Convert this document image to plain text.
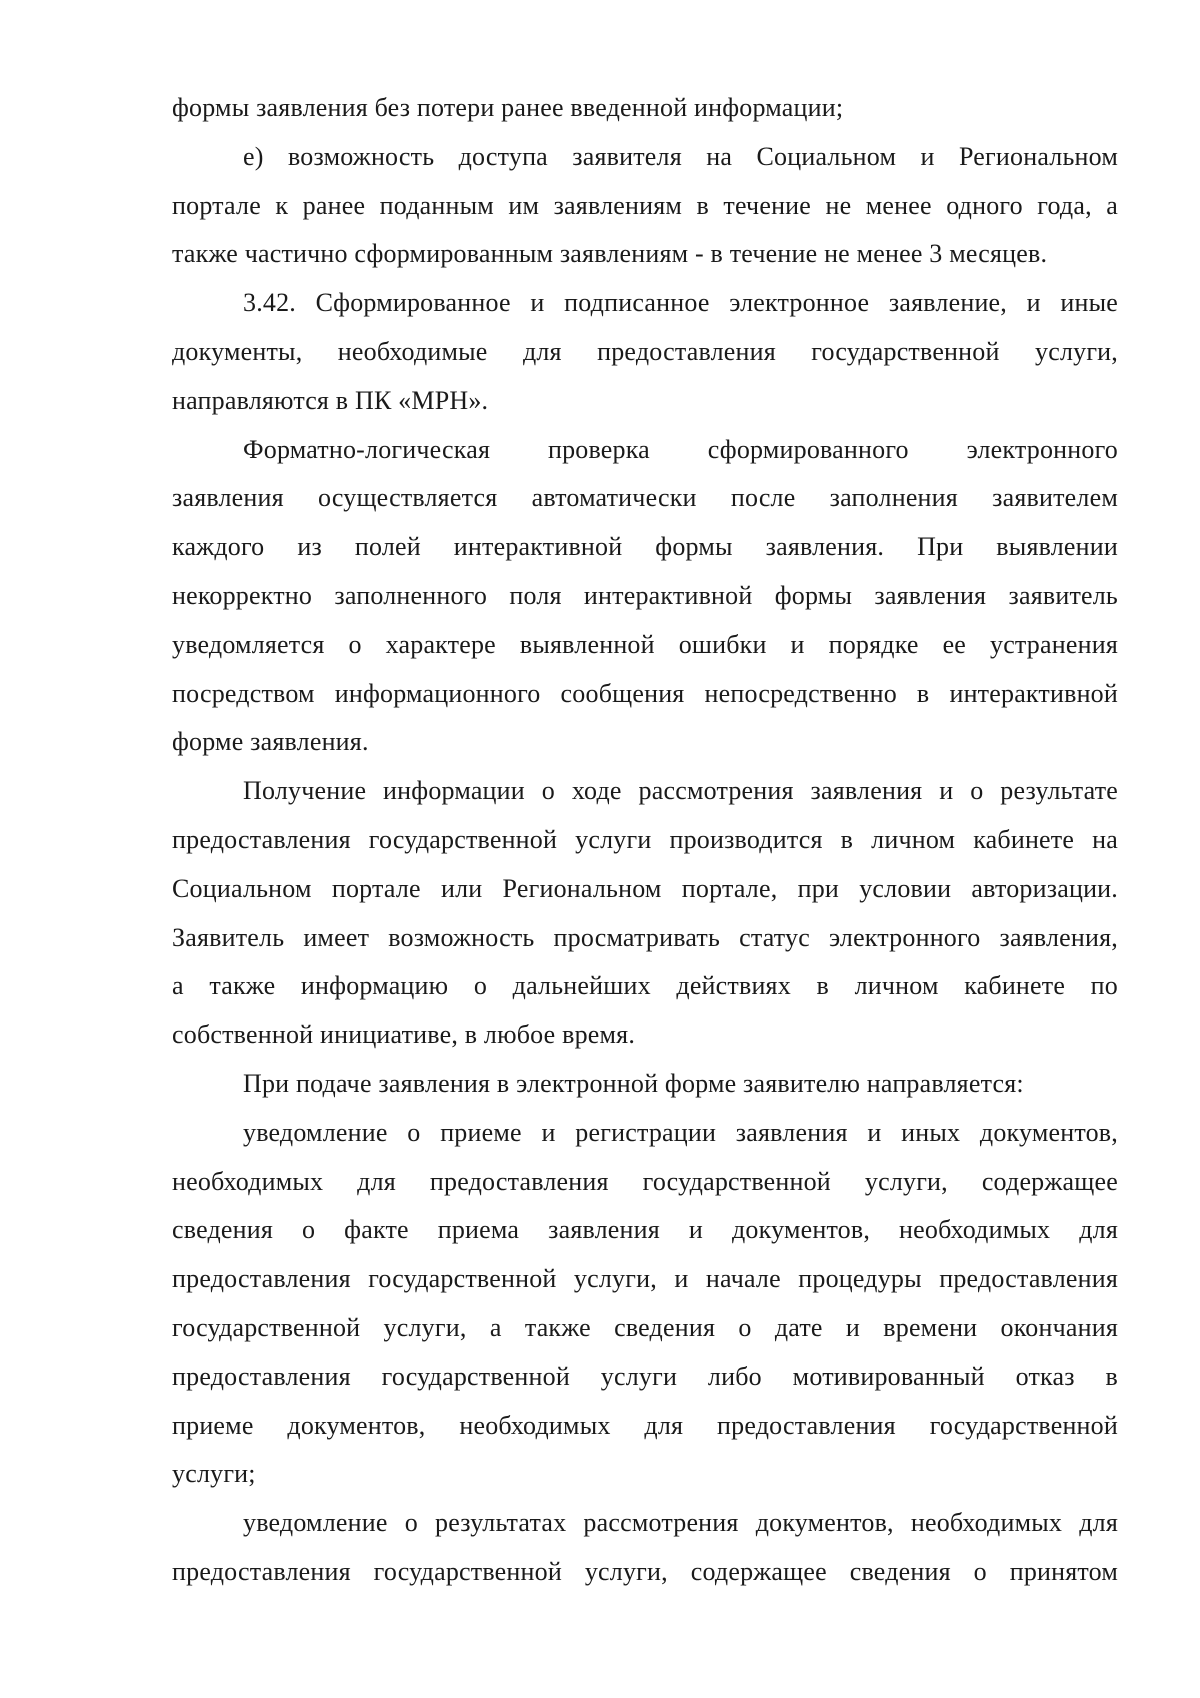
формы заявления без потери ранее введенной информации;
е) возможность доступа заявителя на Социальном и Региональном
портале к ранее поданным им заявлениям в течение не менее одного года, а
также частично сформированным заявлениям - в течение не менее 3 месяцев.
3.42. Сформированное и подписанное электронное заявление, и иные
документы, необходимые для предоставления государственной услуги,
направляются в ПК «МРН».
Форматно-логическая проверка сформированного электронного
заявления осуществляется автоматически после заполнения заявителем
каждого из полей интерактивной формы заявления. При выявлении
некорректно заполненного поля интерактивной формы заявления заявитель
уведомляется о характере выявленной ошибки и порядке ее устранения
посредством информационного сообщения непосредственно в интерактивной
форме заявления.
Получение информации о ходе рассмотрения заявления и о результате
предоставления государственной услуги производится в личном кабинете на
Социальном портале или Региональном портале, при условии авторизации.
Заявитель имеет возможность просматривать статус электронного заявления,
а также информацию о дальнейших действиях в личном кабинете по
собственной инициативе, в любое время.
При подаче заявления в электронной форме заявителю направляется:
уведомление о приеме и регистрации заявления и иных документов,
необходимых для предоставления государственной услуги, содержащее
сведения о факте приема заявления и документов, необходимых для
предоставления государственной услуги, и начале процедуры предоставления
государственной услуги, а также сведения о дате и времени окончания
предоставления государственной услуги либо мотивированный отказ в
приеме документов, необходимых для предоставления государственной
услуги;
уведомление о результатах рассмотрения документов, необходимых для
предоставления государственной услуги, содержащее сведения о принятом
